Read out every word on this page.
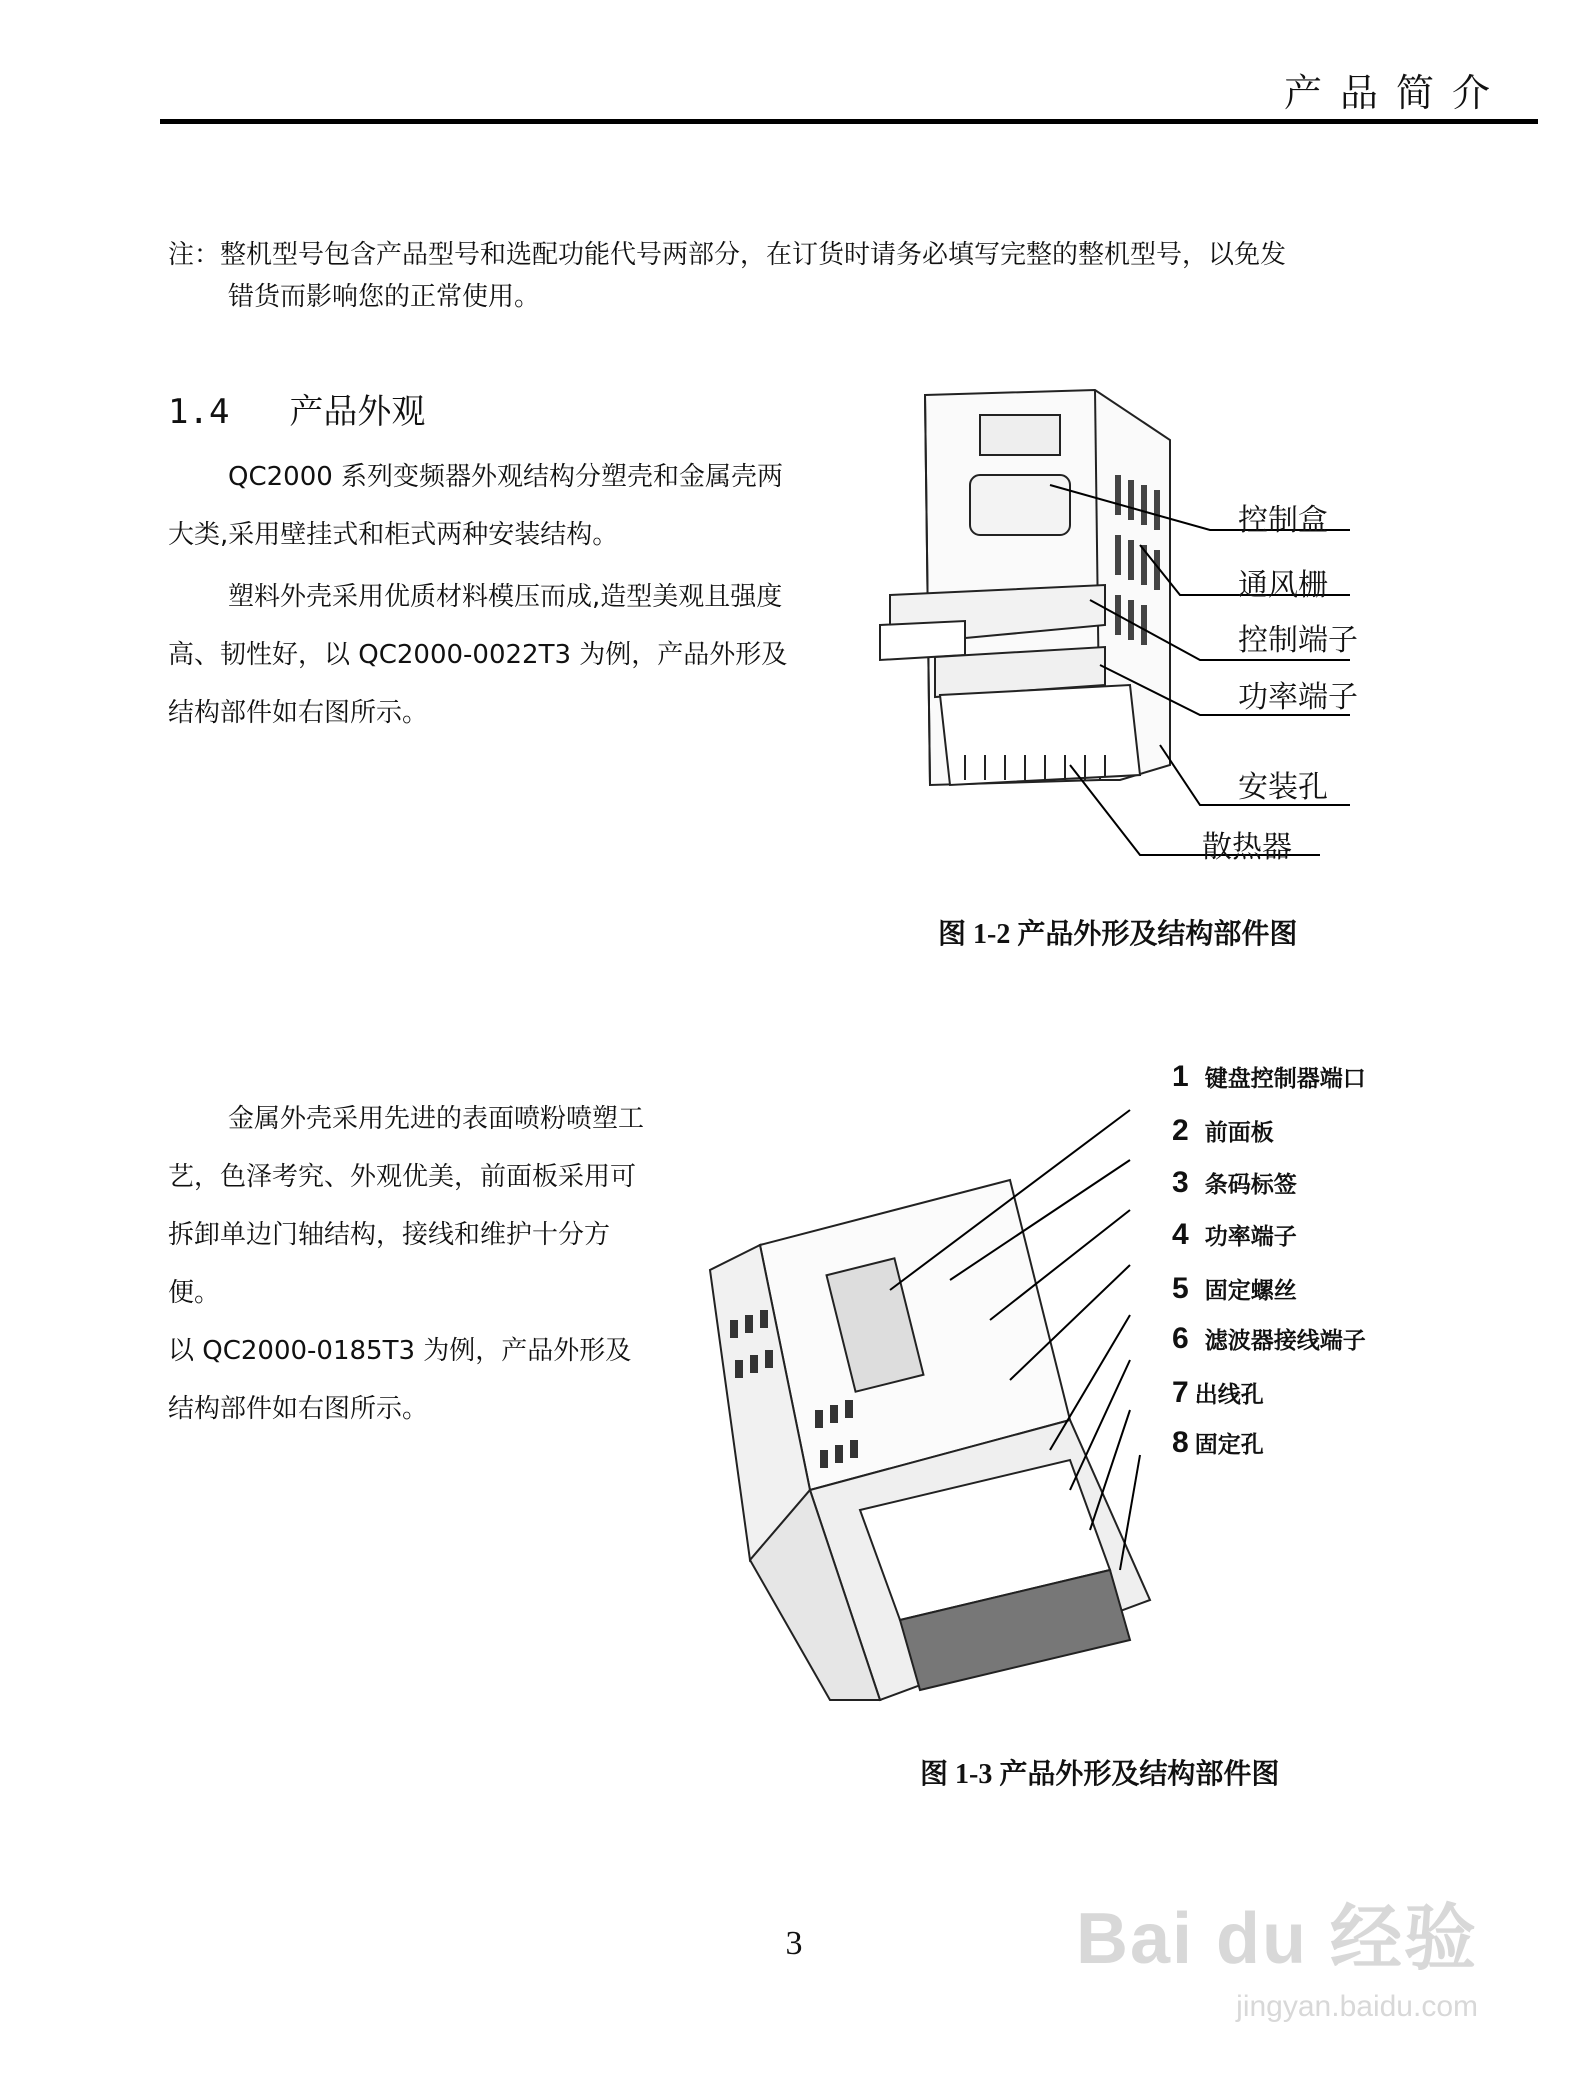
产品简介
注：整机型号包含产品型号和选配功能代号两部分，在订货时请务必填写完整的整机型号，以免发
错货而影响您的正常使用。
1.4 产品外观

QC2000 系列变频器外观结构分塑壳和金属壳两大类,采用壁挂式和柜式两种安装结构。

塑料外壳采用优质材料模压而成,造型美观且强度高、韧性好，以 QC2000-0022T3 为例，产品外形及结构部件如右图所示。

控制盒
通风栅
控制端子
功率端子
安装孔
散热器
图 1-2 产品外形及结构部件图

金属外壳采用先进的表面喷粉喷塑工艺，色泽考究、外观优美，前面板采用可拆卸单边门轴结构，接线和维护十分方便。

以 QC2000-0185T3 为例，产品外形及结构部件如右图所示。

1 键盘控制器端口
2 前面板
3 条码标签
4 功率端子
5 固定螺丝
6 滤波器接线端子
7 出线孔
8 固定孔
图 1-3 产品外形及结构部件图
3	Bai du 经验
jingyan.baidu.com
